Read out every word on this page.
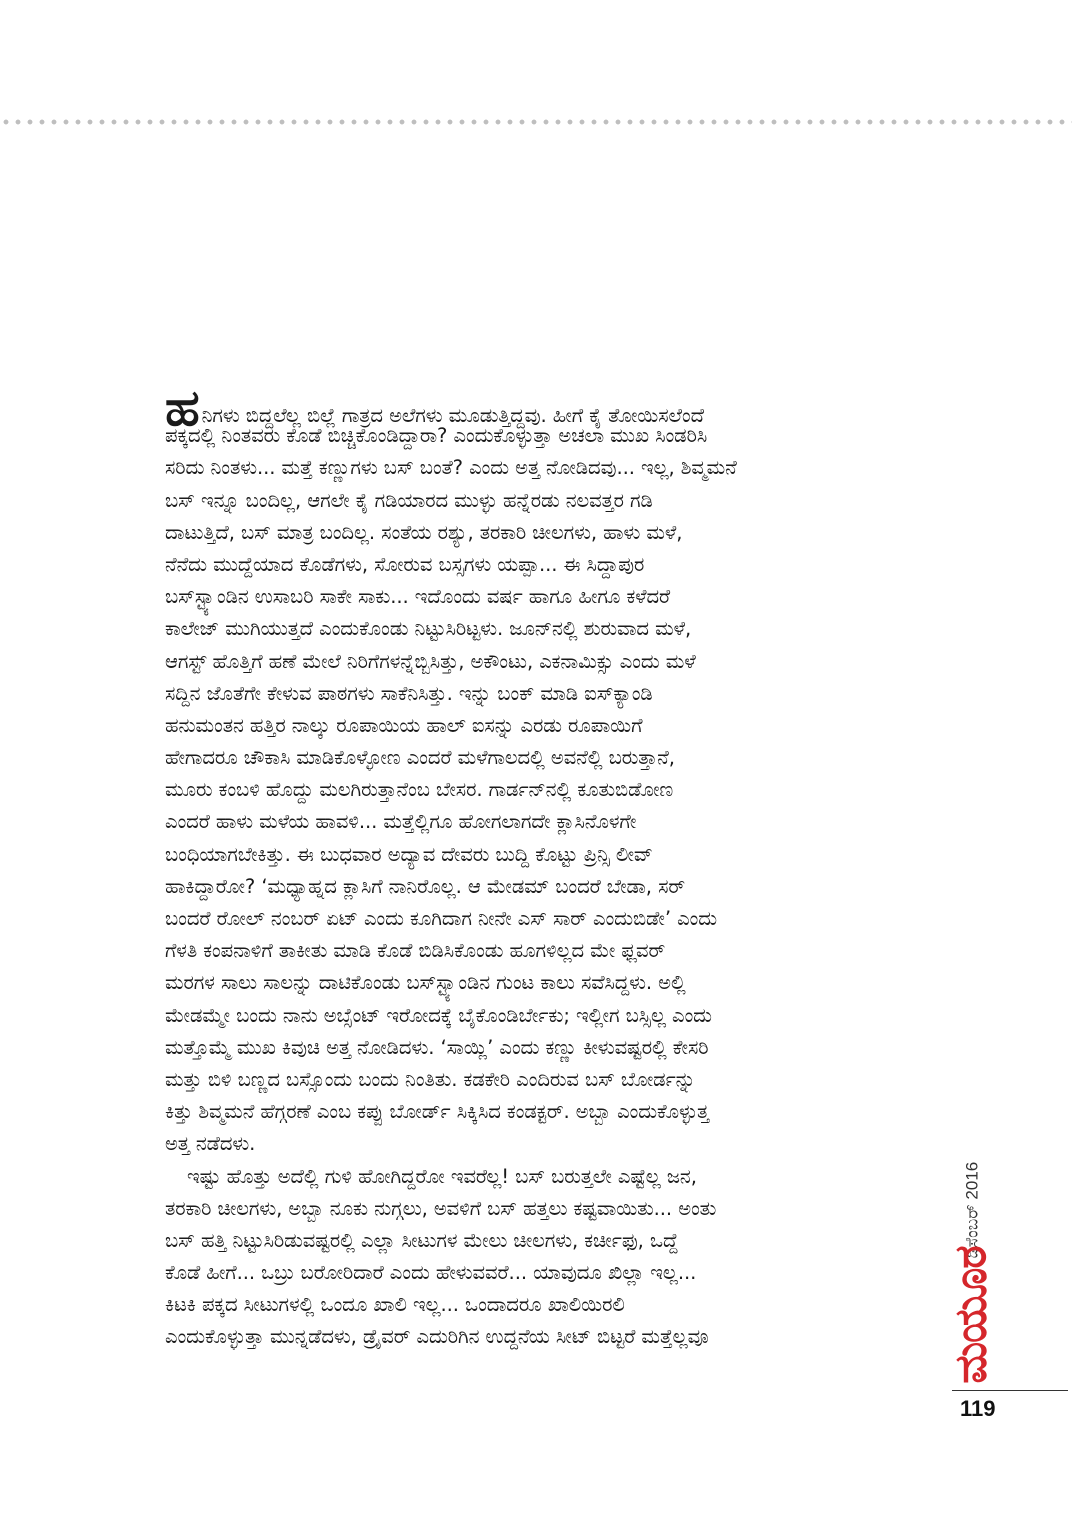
ಹನಿಗಳು ಬಿದ್ದಲೆಲ್ಲ ಬಿಲ್ಲೆ ಗಾತ್ರದ ಅಲೆಗಳು ಮೂಡುತ್ತಿದ್ದವು. ಹೀಗೆ ಕೈ ತೋಯಿಸಲೆಂದೆ
ಪಕ್ಕದಲ್ಲಿ ನಿಂತವರು ಕೊಡೆ ಬಿಚ್ಚಿಕೊಂಡಿದ್ದಾರಾ? ಎಂದುಕೊಳ್ಳುತ್ತಾ ಅಚಲಾ ಮುಖ ಸಿಂಡರಿಸಿ
ಸರಿದು ನಿಂತಳು... ಮತ್ತೆ ಕಣ್ಣುಗಳು ಬಸ್ ಬಂತೆ? ಎಂದು ಅತ್ತ ನೋಡಿದವು... ಇಲ್ಲ, ಶಿವ್ಮಮನೆ
ಬಸ್ ಇನ್ನೂ ಬಂದಿಲ್ಲ, ಆಗಲೇ ಕೈ ಗಡಿಯಾರದ ಮುಳ್ಳು ಹನ್ನೆರಡು ನಲವತ್ತರ ಗಡಿ
ದಾಟುತ್ತಿದೆ, ಬಸ್ ಮಾತ್ರ ಬಂದಿಲ್ಲ. ಸಂತೆಯ ರಶ್ಯು, ತರಕಾರಿ ಚೀಲಗಳು, ಹಾಳು ಮಳೆ,
ನೆನೆದು ಮುದ್ದೆಯಾದ ಕೊಡೆಗಳು, ಸೋರುವ ಬಸ್ಸಗಳು ಯಪ್ಪಾ... ಈ ಸಿದ್ದಾಪುರ
ಬಸ್‌ಸ್ಟ್ಯಾಂಡಿನ ಉಸಾಬರಿ ಸಾಕೇ ಸಾಕು... ಇದೊಂದು ವರ್ಷ ಹಾಗೂ ಹೀಗೂ ಕಳೆದರೆ
ಕಾಲೇಜ್ ಮುಗಿಯುತ್ತದೆ ಎಂದುಕೊಂಡು ನಿಟ್ಟುಸಿರಿಟ್ಟಳು. ಜೂನ್‌ನಲ್ಲಿ ಶುರುವಾದ ಮಳೆ,
ಆಗಸ್ಟ್ ಹೊತ್ತಿಗೆ ಹಣೆ ಮೇಲೆ ನಿರಿಗೆಗಳನ್ನೆಬ್ಬಿಸಿತ್ತು, ಅಕೌಂಟು, ಎಕನಾಮಿಕ್ಸು ಎಂದು ಮಳೆ
ಸದ್ದಿನ ಜೊತೆಗೇ ಕೇಳುವ ಪಾಠಗಳು ಸಾಕೆನಿಸಿತ್ತು. ಇನ್ನು ಬಂಕ್ ಮಾಡಿ ಐಸ್‌ಕ್ಯಾಂಡಿ
ಹನುಮಂತನ ಹತ್ತಿರ ನಾಲ್ಕು ರೂಪಾಯಿಯ ಹಾಲ್ ಐಸನ್ನು ಎರಡು ರೂಪಾಯಿಗೆ
ಹೇಗಾದರೂ ಚೌಕಾಸಿ ಮಾಡಿಕೊಳ್ಳೋಣ ಎಂದರೆ ಮಳೆಗಾಲದಲ್ಲಿ ಅವನೆಲ್ಲಿ ಬರುತ್ತಾನೆ,
ಮೂರು ಕಂಬಳಿ ಹೊದ್ದು ಮಲಗಿರುತ್ತಾನೆಂಬ ಬೇಸರ. ಗಾರ್ಡನ್‌ನಲ್ಲಿ ಕೂತುಬಿಡೋಣ
ಎಂದರೆ ಹಾಳು ಮಳೆಯ ಹಾವಳಿ... ಮತ್ತೆಲ್ಲಿಗೂ ಹೋಗಲಾಗದೇ ಕ್ಲಾಸಿನೊಳಗೇ
ಬಂಧಿಯಾಗಬೇಕಿತ್ತು. ಈ ಬುಧವಾರ ಅದ್ಯಾವ ದೇವರು ಬುದ್ದಿ ಕೊಟ್ಟು ಪ್ರಿನ್ಸಿ ಲೀವ್
ಹಾಕಿದ್ದಾರೋ? ‘ಮಧ್ಯಾಹ್ನದ ಕ್ಲಾಸಿಗೆ ನಾನಿರೊಲ್ಲ. ಆ ಮೇಡಮ್ ಬಂದರೆ ಬೇಡಾ, ಸರ್
ಬಂದರೆ ರೋಲ್ ನಂಬರ್ ಏಟ್ ಎಂದು ಕೂಗಿದಾಗ ನೀನೇ ಎಸ್ ಸಾರ್ ಎಂದುಬಿಡೇ’ ಎಂದು
ಗೆಳತಿ ಕಂಪನಾಳಿಗೆ ತಾಕೀತು ಮಾಡಿ ಕೊಡೆ ಬಿಡಿಸಿಕೊಂಡು ಹೂಗಳಿಲ್ಲದ ಮೇ ಫ್ಲವರ್
ಮರಗಳ ಸಾಲು ಸಾಲನ್ನು ದಾಟಿಕೊಂಡು ಬಸ್‌ಸ್ಟ್ಯಾಂಡಿನ ಗುಂಟ ಕಾಲು ಸವೆಸಿದ್ದಳು. ಅಲ್ಲಿ
ಮೇಡಮ್ಮೇ ಬಂದು ನಾನು ಅಬ್ಸೆಂಟ್ ಇರೋದಕ್ಕೆ ಬೈಕೊಂಡಿರ್ಬೇಕು; ಇಲ್ಲೀಗ ಬಸ್ಸಿಲ್ಲ ಎಂದು
ಮತ್ತೊಮ್ಮೆ ಮುಖ ಕಿವುಚಿ ಅತ್ತ ನೋಡಿದಳು. ‘ಸಾಯ್ಲಿ’ ಎಂದು ಕಣ್ಣು ಕೀಳುವಷ್ಟರಲ್ಲಿ ಕೇಸರಿ
ಮತ್ತು ಬಿಳಿ ಬಣ್ಣದ ಬಸ್ಸೊಂದು ಬಂದು ನಿಂತಿತು. ಕಡಕೇರಿ ಎಂದಿರುವ ಬಸ್ ಬೋರ್ಡನ್ನು
ಕಿತ್ತು ಶಿವ್ಮಮನೆ ಹೆಗ್ಗರಣೆ ಎಂಬ ಕಪ್ಪು ಬೋರ್ಡ್ ಸಿಕ್ಕಿಸಿದ ಕಂಡಕ್ಟರ್. ಅಬ್ಬಾ ಎಂದುಕೊಳ್ಳುತ್ತ
ಅತ್ತ ನಡೆದಳು.
ಇಷ್ಟು ಹೊತ್ತು ಅದೆಲ್ಲಿ ಗುಳಿ ಹೋಗಿದ್ದರೋ ಇವರೆಲ್ಲ! ಬಸ್ ಬರುತ್ತಲೇ ಎಷ್ಟೆಲ್ಲ ಜನ,
ತರಕಾರಿ ಚೀಲಗಳು, ಅಬ್ಬಾ ನೂಕು ನುಗ್ಗಲು, ಅವಳಿಗೆ ಬಸ್ ಹತ್ತಲು ಕಷ್ಟವಾಯಿತು... ಅಂತು
ಬಸ್ ಹತ್ತಿ ನಿಟ್ಟುಸಿರಿಡುವಷ್ಟರಲ್ಲಿ ಎಲ್ಲಾ ಸೀಟುಗಳ ಮೇಲು ಚೀಲಗಳು, ಕರ್ಚೀಫು, ಒದ್ದೆ
ಕೊಡೆ ಹೀಗೆ... ಒಬ್ರು ಬರೋರಿದಾರೆ ಎಂದು ಹೇಳುವವರೆ... ಯಾವುದೂ ಖಿಲ್ಲಾ ಇಲ್ಲ...
ಕಿಟಕಿ ಪಕ್ಕದ ಸೀಟುಗಳಲ್ಲಿ ಒಂದೂ ಖಾಲಿ ಇಲ್ಲ... ಒಂದಾದರೂ ಖಾಲಿಯಿರಲಿ
ಎಂದುಕೊಳ್ಳುತ್ತಾ ಮುನ್ನಡೆದಳು, ಡ್ರೈವರ್ ಎದುರಿಗಿನ ಉದ್ದನೆಯ ಸೀಟ್ ಬಿಟ್ಟರೆ ಮತ್ತೆಲ್ಲವೂ
ಡಿಸೆಂಬರ್ 2016
ಮಯೂರ
119
